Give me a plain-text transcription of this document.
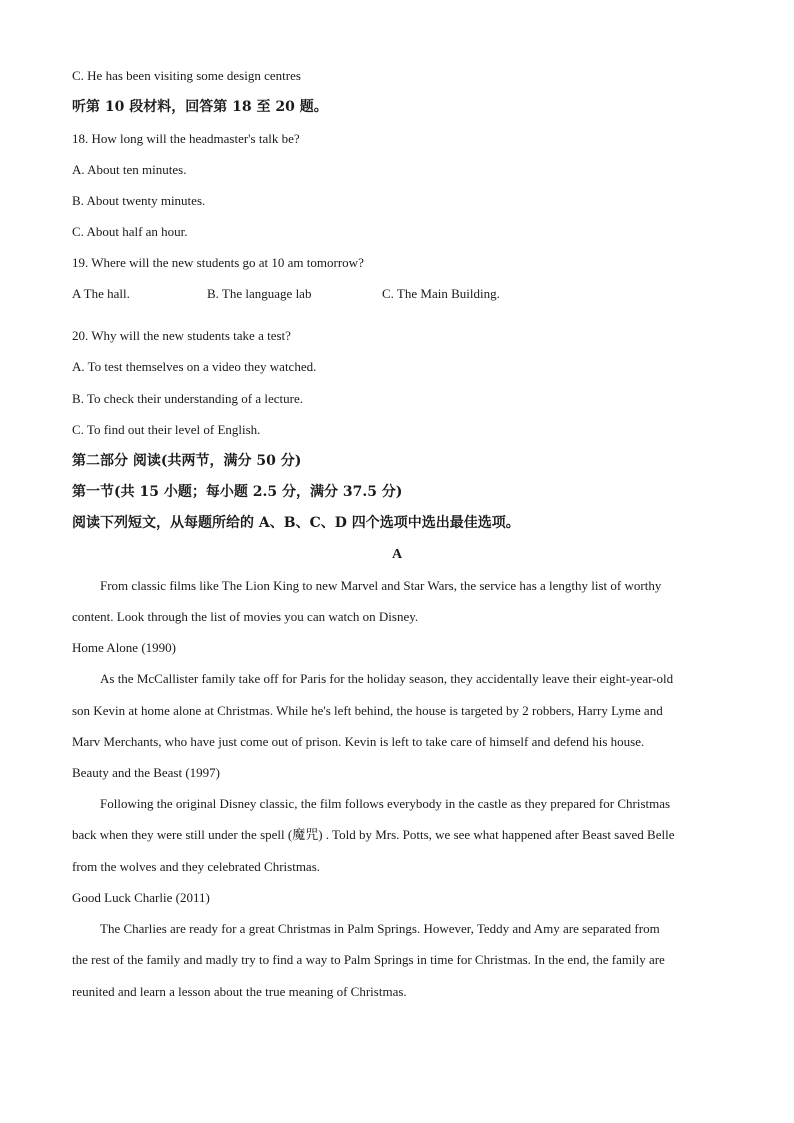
C. He has been visiting some design centres
听第 10 段材料，回答第 18 至 20 题。
18. How long will the headmaster's talk be?
A. About ten minutes.
B. About twenty minutes.
C. About half an hour.
19. Where will the new students go at 10 am tomorrow?
A The hall.	B. The language lab	C. The Main Building.
20. Why will the new students take a test?
A. To test themselves on a video they watched.
B. To check their understanding of a lecture.
C. To find out their level of English.
第二部分 阅读(共两节，满分 50 分)
第一节(共 15 小题；每小题 2.5 分，满分 37.5 分)
阅读下列短文，从每题所给的 A、B、C、D 四个选项中选出最佳选项。
A
From classic films like The Lion King to new Marvel and Star Wars, the service has a lengthy list of worthy
content. Look through the list of movies you can watch on Disney.
Home Alone (1990)
As the McCallister family take off for Paris for the holiday season, they accidentally leave their eight-year-old
son Kevin at home alone at Christmas. While he's left behind, the house is targeted by 2 robbers, Harry Lyme and
Marv Merchants, who have just come out of prison. Kevin is left to take care of himself and defend his house.
Beauty and the Beast (1997)
Following the original Disney classic, the film follows everybody in the castle as they prepared for Christmas
back when they were still under the spell (魔咒) . Told by Mrs. Potts, we see what happened after Beast saved Belle
from the wolves and they celebrated Christmas.
Good Luck Charlie (2011)
The Charlies are ready for a great Christmas in Palm Springs. However, Teddy and Amy are separated from
the rest of the family and madly try to find a way to Palm Springs in time for Christmas. In the end, the family are
reunited and learn a lesson about the true meaning of Christmas.
